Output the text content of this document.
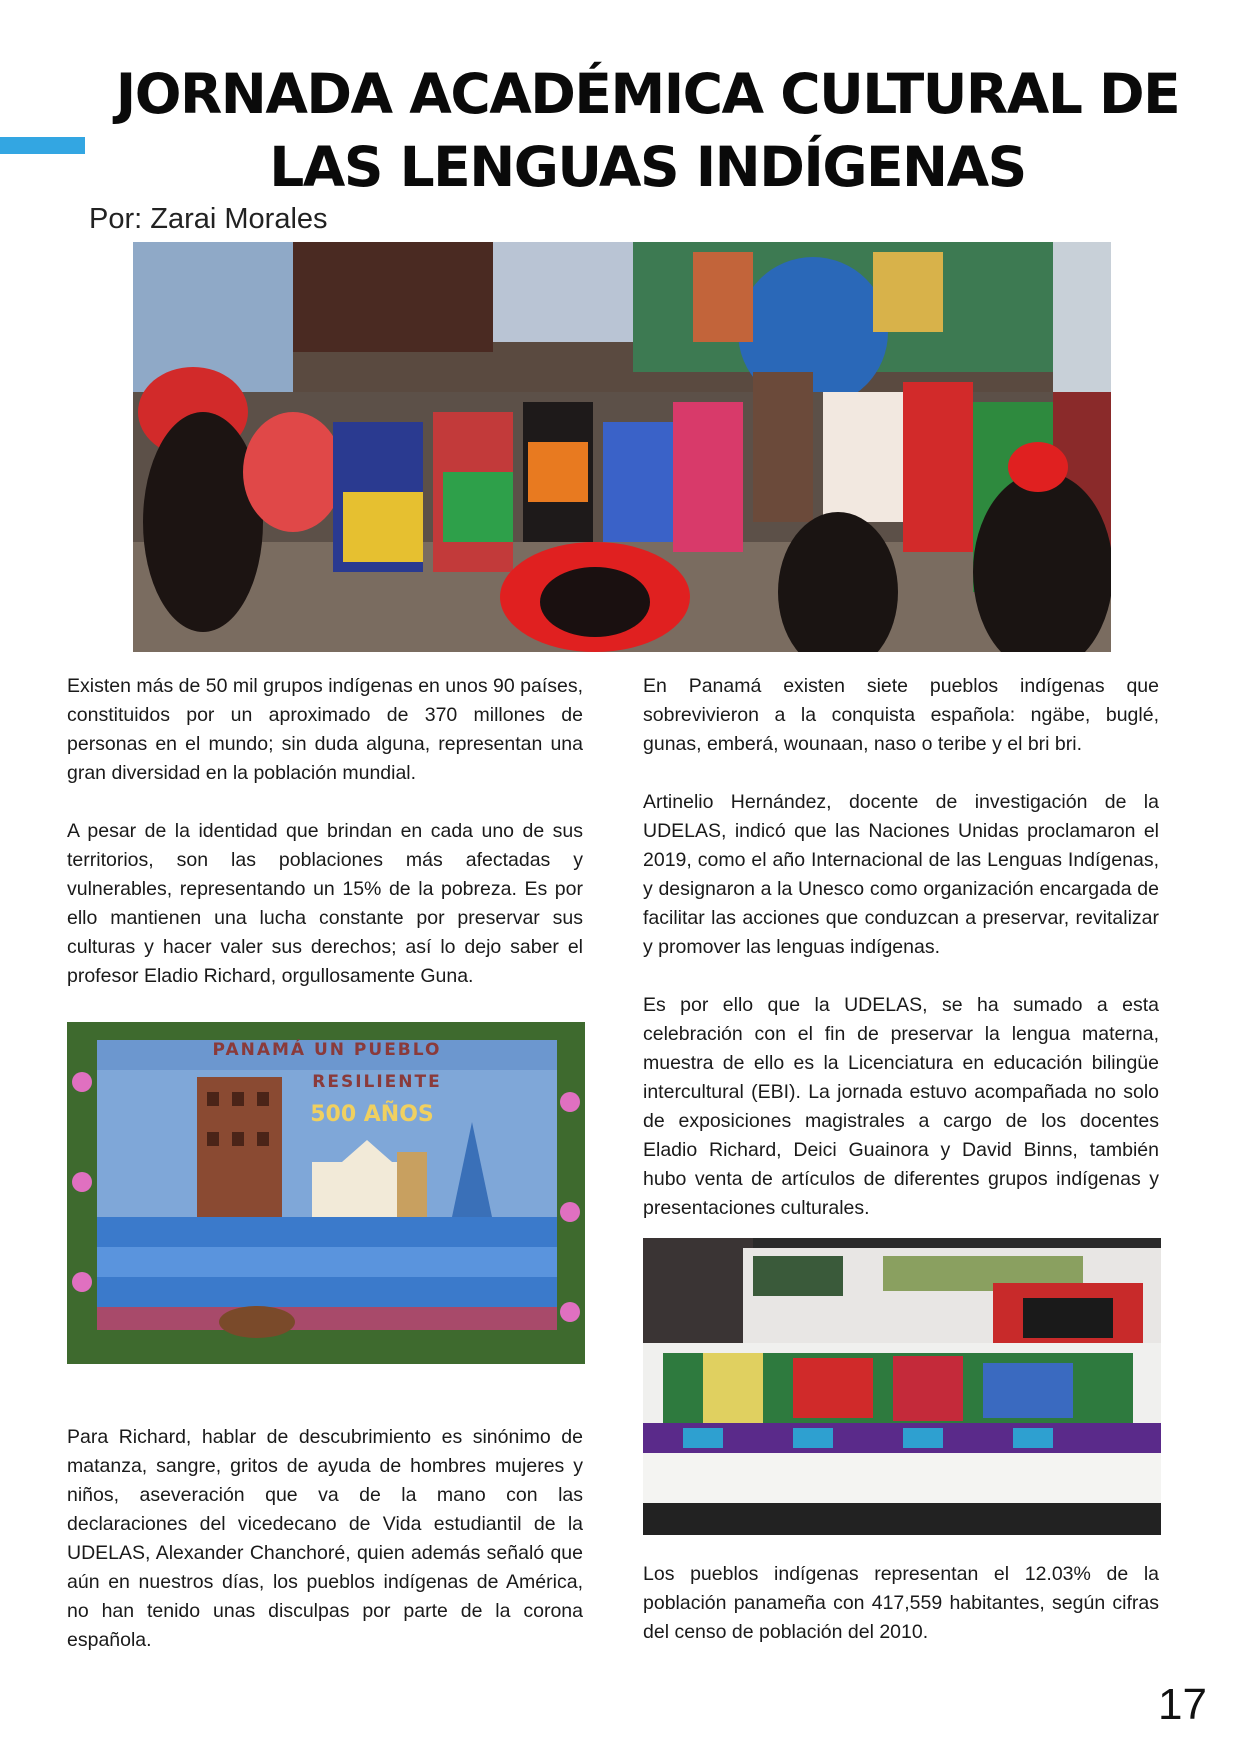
JORNADA ACADÉMICA CULTURAL DE LAS LENGUAS INDÍGENAS
Por: Zarai Morales

Existen más de 50 mil grupos indígenas en unos 90 países, constituidos por un aproximado de 370 millones de personas en el mundo; sin duda alguna, representan una gran diversidad en la población mundial.

A pesar de la identidad que brindan en cada uno de sus territorios, son las poblaciones más afectadas y vulnerables, representando un 15% de la pobreza. Es por ello mantienen una lucha constante por preservar sus culturas y hacer valer sus derechos; así lo dejo saber el profesor Eladio Richard, orgullosamente Guna.

PANAMÁ UN PUEBLO
RESILIENTE
500 AÑOS

Para Richard, hablar de descubrimiento es sinónimo de matanza, sangre, gritos de ayuda de hombres mujeres y niños, aseveración que va de la mano con las declaraciones del vicedecano de Vida estudiantil de la UDELAS, Alexander Chanchoré, quien además señaló que aún en nuestros días, los pueblos indígenas de América, no han tenido unas disculpas por parte de la corona española.

En Panamá existen siete pueblos indígenas que sobrevivieron a la conquista española: ngäbe, buglé, gunas, emberá, wounaan, naso o teribe y el bri bri.

Artinelio Hernández, docente de investigación de la UDELAS, indicó que las Naciones Unidas proclamaron el 2019, como el año Internacional de las Lenguas Indígenas, y designaron a la Unesco como organización encargada de facilitar las acciones que conduzcan a preservar, revitalizar y promover las lenguas indígenas.

Es por ello que la UDELAS, se ha sumado a esta celebración con el fin de preservar la lengua materna, muestra de ello es la Licenciatura en educación bilingüe intercultural (EBI). La jornada estuvo acompañada no solo de exposiciones magistrales a cargo de los docentes Eladio Richard, Deici Guainora y David Binns, también hubo venta de artículos de diferentes grupos indígenas y presentaciones culturales.

Los pueblos indígenas representan el 12.03% de la población panameña con 417,559 habitantes, según cifras del censo de población del 2010.

17
